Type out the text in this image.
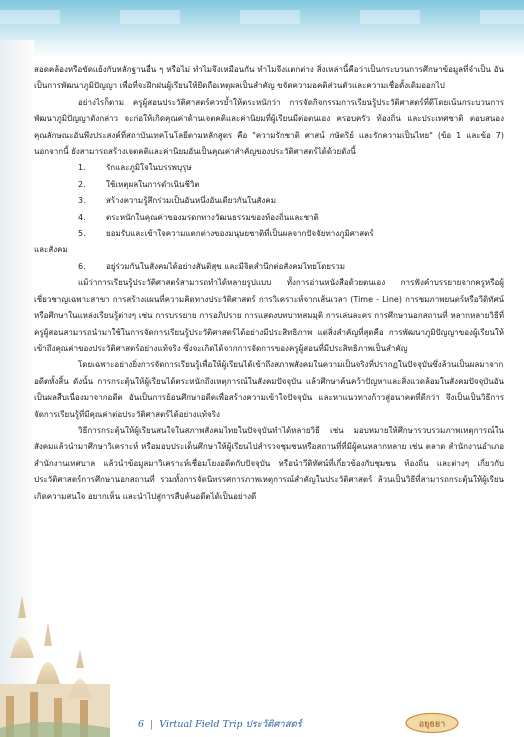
สอดคล้องหรือขัดแย้งกับหลักฐานอื่น ๆ หรือไม่ ทำไมจึงเหมือนกัน ทำไมจึงแตกต่าง สิ่งเหล่านี้คือว่าเป็นกระบวนการศึกษาข้อมูลที่จำเป็น อันเป็นการพัฒนาภูมิปัญญา เพื่อที่จะฝึกฝนผู้เรียนให้ยึดถือเหตุผลเป็นสำคัญ ขจัดความอคติส่วนตัวและความเชื่อดั้งเดิมออกไป

อย่างไรก็ตาม ครูผู้สอนประวัติศาสตร์ควรย้ำให้ตระหนักว่า การจัดกิจกรรมการเรียนรู้ประวัติศาสตร์ที่ดีโดยเน้นกระบวนการพัฒนาภูมิปัญญาดังกล่าว จะก่อให้เกิดคุณค่าด้านเจตคติและค่านิยมที่ผู้เรียนมีต่อตนเอง ครอบครัว ท้องถิ่น และประเทศชาติ ตอบสนองคุณลักษณะอันพึงประสงค์ที่สถาบันเทคโนโลยีตามหลักสูตร คือ "ความรักชาติ ศาสน์ กษัตริย์ และรักความเป็นไทย" (ข้อ 1 และข้อ 7) นอกจากนี้ ยังสามารถสร้างเจตคติและค่านิยมอันเป็นคุณค่าสำคัญของประวัติศาสตร์ได้ด้วยดังนี้

1.	รักและภูมิใจในบรรพบุรุษ
2.	ใช้เหตุผลในการดำเนินชีวิต
3.	สร้างความรู้สึกร่วมเป็นอันหนึ่งอันเดียวกันในสังคม
4.	ตระหนักในคุณค่าของมรดกทางวัฒนธรรมของท้องถิ่นและชาติ
5.	ยอมรับและเข้าใจความแตกต่างของมนุษยชาติที่เป็นผลจากปัจจัยทางภูมิศาสตร์

และสังคม

6.	อยู่ร่วมกันในสังคมได้อย่างสันติสุข และมีจิตสำนึกต่อสังคมไทยโดยรวม

แม้ว่าการเรียนรู้ประวัติศาสตร์สามารถทำได้หลายรูปแบบ ทั้งการอ่านหนังสือด้วยตนเอง การฟังคำบรรยายจากครูหรือผู้เชี่ยวชาญเฉพาะสาขา การสร้างแผนที่ความคิดทางประวัติศาสตร์ การวิเคราะห์จากเส้นเวลา (Time - Line) การชมภาพยนตร์หรือวีดิทัศน์ หรือศึกษาในแหล่งเรียนรู้ต่างๆ เช่น การบรรยาย การอภิปราย การแสดงบทบาทสมมุติ การเล่นละคร การศึกษานอกสถานที่ หลากหลายวิธีที่ครูผู้สอนสามารถนำมาใช้ในการจัดการเรียนรู้ประวัติศาสตร์ได้อย่างมีประสิทธิภาพ แต่สิ่งสำคัญที่สุดคือ การพัฒนาภูมิปัญญาของผู้เรียนให้เข้าถึงคุณค่าของประวัติศาสตร์อย่างแท้จริง ซึ่งจะเกิดได้จากการจัดการของครูผู้สอนที่มีประสิทธิภาพเป็นสำคัญ

โดยเฉพาะอย่างยิ่งการจัดการเรียนรู้เพื่อให้ผู้เรียนได้เข้าถึงสภาพสังคมในความเป็นจริงที่ปรากฏในปัจจุบันซึ่งล้วนเป็นผลมาจากอดีตทั้งสิ้น ดังนั้น การกระตุ้นให้ผู้เรียนได้ตระหนักถึงเหตุการณ์ในสังคมปัจจุบัน แล้วศึกษาค้นคว้าปัญหาและสิ่งแวดล้อมในสังคมปัจจุบันอันเป็นผลสืบเนื่องมาจากอดีต อันเป็นการย้อนศึกษาอดีตเพื่อสร้างความเข้าใจปัจจุบัน และหาแนวทางก้าวสู่อนาคตที่ดีกว่า จึงเป็นเป็นวิธีการจัดการเรียนรู้ที่มีคุณค่าต่อประวัติศาสตร์ได้อย่างแท้จริง

วิธีการกระตุ้นให้ผู้เรียนสนใจในสภาพสังคมไทยในปัจจุบันทำได้หลายวิธี เช่น มอบหมายให้ศึกษารวบรวมภาพเหตุการณ์ในสังคมแล้วนำมาศึกษาวิเคราะห์ หรือมอบประเด็นศึกษาให้ผู้เรียนไปสำรวจชุมชนหรือสถานที่ที่มีผู้คนหลากหลาย เช่น ตลาด สำนักงานอำเภอ สำนักงานเทศบาล แล้วนำข้อมูลมาวิเคราะห์เชื่อมโยงอดีตกับปัจจุบัน หรือนำวีดิทัศน์ที่เกี่ยวข้องกับชุมชน ท้องถิ่น และต่างๆ เกี่ยวกับประวัติศาสตร์การศึกษานอกสถานที่ รวมทั้งการจัดนิทรรศการภาพเหตุการณ์สำคัญในประวัติศาสตร์ ล้วนเป็นวิธีที่สามารถกระตุ้นให้ผู้เรียนเกิดความสนใจ อยากเห็น และนำไปสู่การสืบค้นอดีตได้เป็นอย่างดี

6 | Virtual Field Trip ประวัติศาสตร์	อยุธยา
